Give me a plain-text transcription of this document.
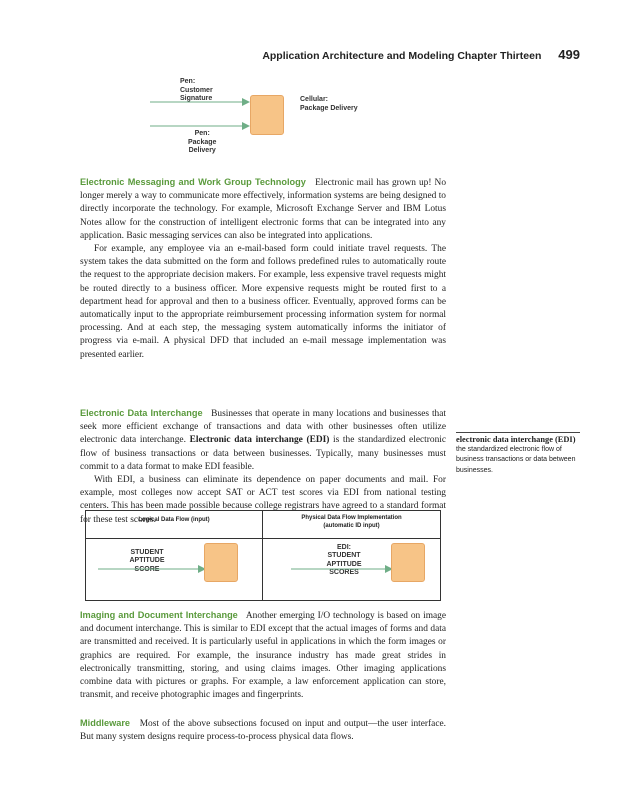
Application Architecture and Modeling Chapter Thirteen 499
Pen:
Customer
Signature	Cellular:
Package Delivery
Pen:
Package
Delivery

Electronic Messaging and Work Group Technology Electronic mail has grown up! No longer merely a way to communicate more effectively, information systems are being designed to directly incorporate the technology. For example, Microsoft Exchange Server and IBM Lotus Notes allow for the construction of intelligent electronic forms that can be integrated into any application. Basic messaging services can also be integrated into applications.

For example, any employee via an e-mail-based form could initiate travel requests. The system takes the data submitted on the form and follows predefined rules to automatically route the request to the appropriate decision makers. For example, less expensive travel requests might be routed directly to a business officer. More expensive requests might be routed first to a department head for approval and then to a business officer. Eventually, approved forms can be automatically input to the appropriate reimbursement processing information system for normal processing. And at each step, the messaging system automatically informs the initiator of progress via e-mail. A physical DFD that included an e-mail message implementation was presented earlier.

Electronic Data Interchange Businesses that operate in many locations and businesses that seek more efficient exchange of transactions and data with other businesses often utilize electronic data interchange. Electronic data interchange (EDI) is the standardized electronic flow of business transactions or data between businesses. Typically, many businesses must commit to a data format to make EDI feasible.

With EDI, a business can eliminate its dependence on paper documents and mail. For example, most colleges now accept SAT or ACT test scores via EDI from national testing centers. This has been made possible because college registrars have agreed to a standard format for these test scores.

electronic data interchange (EDI) the standardized electronic flow of business transactions or data between businesses.
Logical Data Flow (input)	Physical Data Flow Implementation
(automatic ID input)
STUDENT
APTITUDE
SCORE
EDI:
STUDENT
APTITUDE
SCORES

Imaging and Document Interchange Another emerging I/O technology is based on image and document interchange. This is similar to EDI except that the actual images of forms and data are transmitted and received. It is particularly useful in applications in which the form images or graphics are required. For example, the insurance industry has made great strides in electronically transmitting, storing, and using claims images. Other imaging applications combine data with pictures or graphs. For example, a law enforcement application can store, transmit, and receive photographic images and fingerprints.

Middleware Most of the above subsections focused on input and output—the user interface. But many system designs require process-to-process physical data flows.
